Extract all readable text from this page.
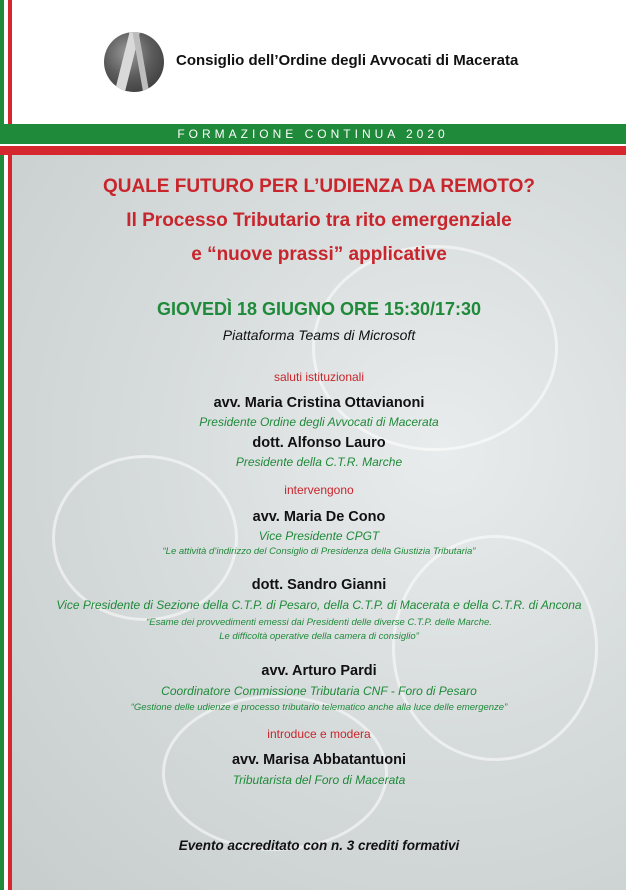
Consiglio dell’Ordine degli Avvocati di Macerata
FORMAZIONE CONTINUA 2020
QUALE FUTURO PER L’UDIENZA DA REMOTO?
Il Processo Tributario tra rito emergenziale
e “nuove prassi” applicative
GIOVEDÌ 18 GIUGNO ORE 15:30/17:30
Piattaforma Teams di Microsoft
saluti istituzionali
avv. Maria Cristina Ottavianoni
Presidente Ordine degli Avvocati di Macerata
dott. Alfonso Lauro
Presidente della C.T.R. Marche
intervengono
avv. Maria De Cono
Vice Presidente CPGT
“Le attività d’indirizzo del Consiglio di Presidenza della Giustizia Tributaria”
dott. Sandro Gianni
Vice Presidente di Sezione della C.T.P. di Pesaro, della C.T.P. di Macerata e della C.T.R. di Ancona
“Esame dei provvedimenti emessi dai Presidenti delle diverse C.T.P. delle Marche.
Le difficoltà operative della camera di consiglio”
avv. Arturo Pardi
Coordinatore Commissione Tributaria CNF - Foro di Pesaro
“Gestione delle udienze e processo tributario telematico anche alla luce delle emergenze”
introduce e modera
avv. Marisa Abbatantuoni
Tributarista del Foro di Macerata
Evento accreditato con n. 3 crediti formativi
